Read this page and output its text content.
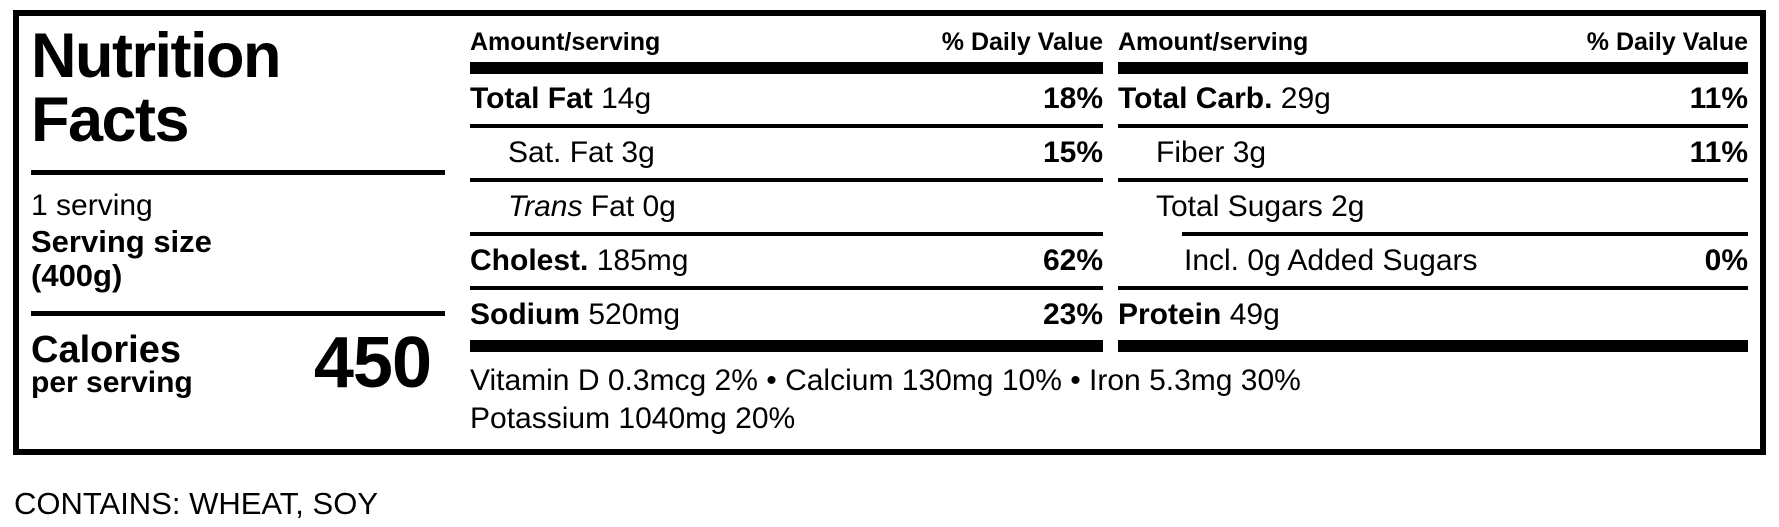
Nutrition
Facts
1 serving
Serving size
(400g)
Calories
per serving 450
Amount/serving	% Daily Value
Total Fat 14g	18%
Sat. Fat 3g	15%
Trans Fat 0g
Cholest. 185mg	62%
Sodium 520mg	23%
Amount/serving	% Daily Value
Total Carb. 29g	11%
Fiber 3g	11%
Total Sugars 2g
Incl. 0g Added Sugars	0%
Protein 49g
Vitamin D 0.3mcg 2% • Calcium 130mg 10% • Iron 5.3mg 30%
Potassium 1040mg 20%
CONTAINS: WHEAT, SOY
